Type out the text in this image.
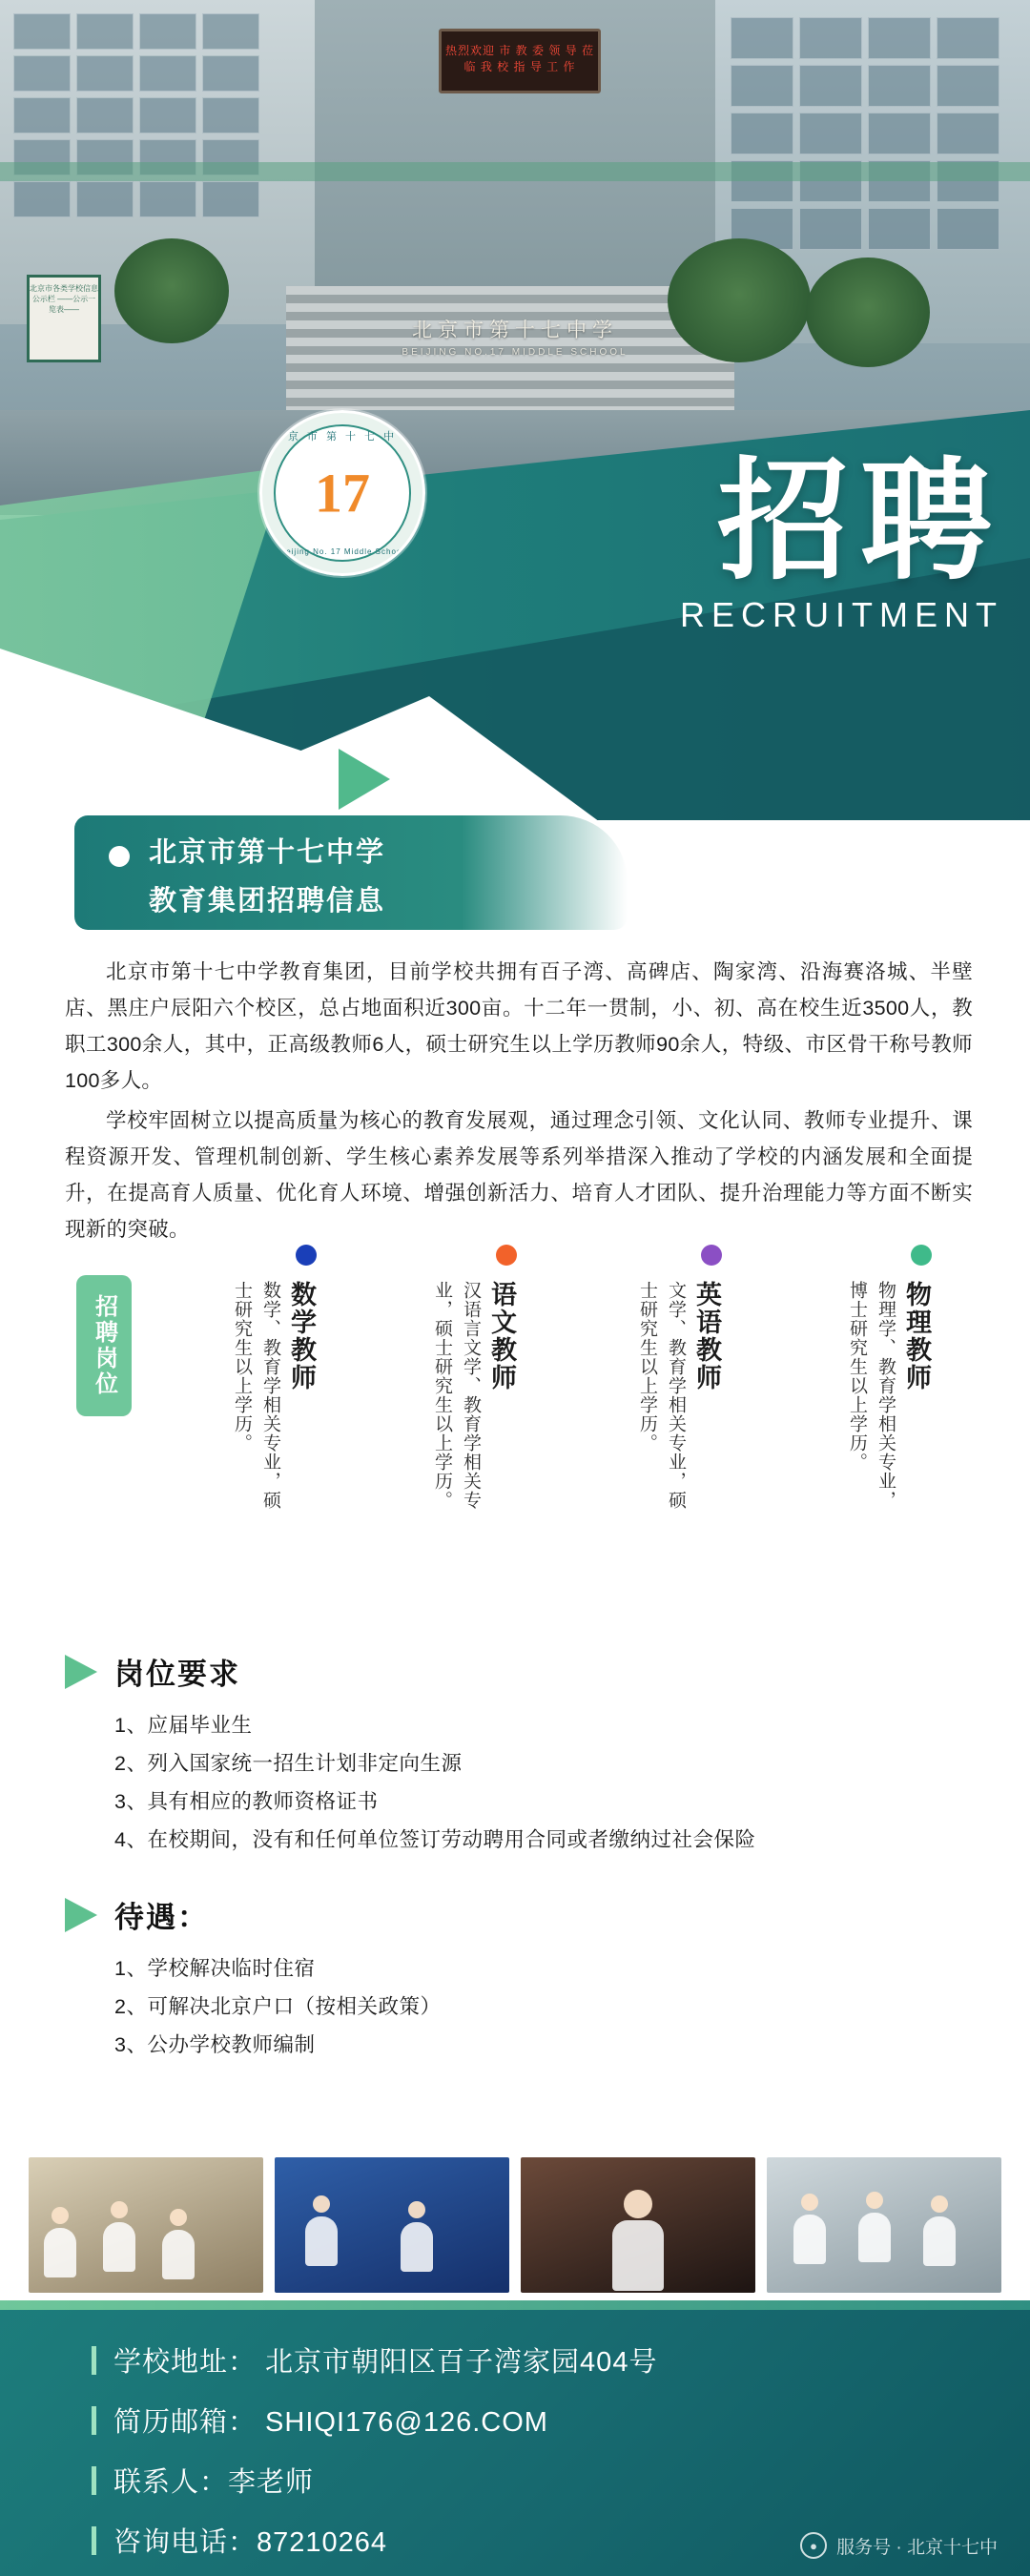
热烈欢迎 市 教 委 领 导 莅 临 我 校 指 导 工 作
北京市第十七中学
BEIJING NO.17 MIDDLE SCHOOL
北京市各类学校信息公示栏 ——公示一览表——
北 京 市 第 十 七 中 学
17
Beijing No. 17 Middle School	招聘
RECRUITMENT
北京市第十七中学
教育集团招聘信息

北京市第十七中学教育集团，目前学校共拥有百子湾、高碑店、陶家湾、沿海赛洛城、半壁店、黑庄户辰阳六个校区，总占地面积近300亩。十二年一贯制，小、初、高在校生近3500人，教职工300余人，其中，正高级教师6人，硕士研究生以上学历教师90余人，特级、市区骨干称号教师100多人。

学校牢固树立以提高质量为核心的教育发展观，通过理念引领、文化认同、教师专业提升、课程资源开发、管理机制创新、学生核心素养发展等系列举措深入推动了学校的内涵发展和全面提升，在提高育人质量、优化育人环境、增强创新活力、培育人才团队、提升治理能力等方面不断实现新的突破。

招聘岗位	数学教师
数学、教育学相关专业，硕士研究生以上学历。	语文教师
汉语言文学、教育学相关专业，硕士研究生以上学历。	英语教师
文学、教育学相关专业，硕士研究生以上学历。	物理教师
物理学、教育学相关专业，博士研究生以上学历。
岗位要求
1、应届毕业生
2、列入国家统一招生计划非定向生源
3、具有相应的教师资格证书
4、在校期间，没有和任何单位签订劳动聘用合同或者缴纳过社会保险
待遇：
1、学校解决临时住宿
2、可解决北京户口（按相关政策）
3、公办学校教师编制
学校地址： 北京市朝阳区百子湾家园404号
简历邮箱： SHIQI176@126.COM
联系人：李老师
咨询电话：87210264	●	服务号 · 北京十七中
